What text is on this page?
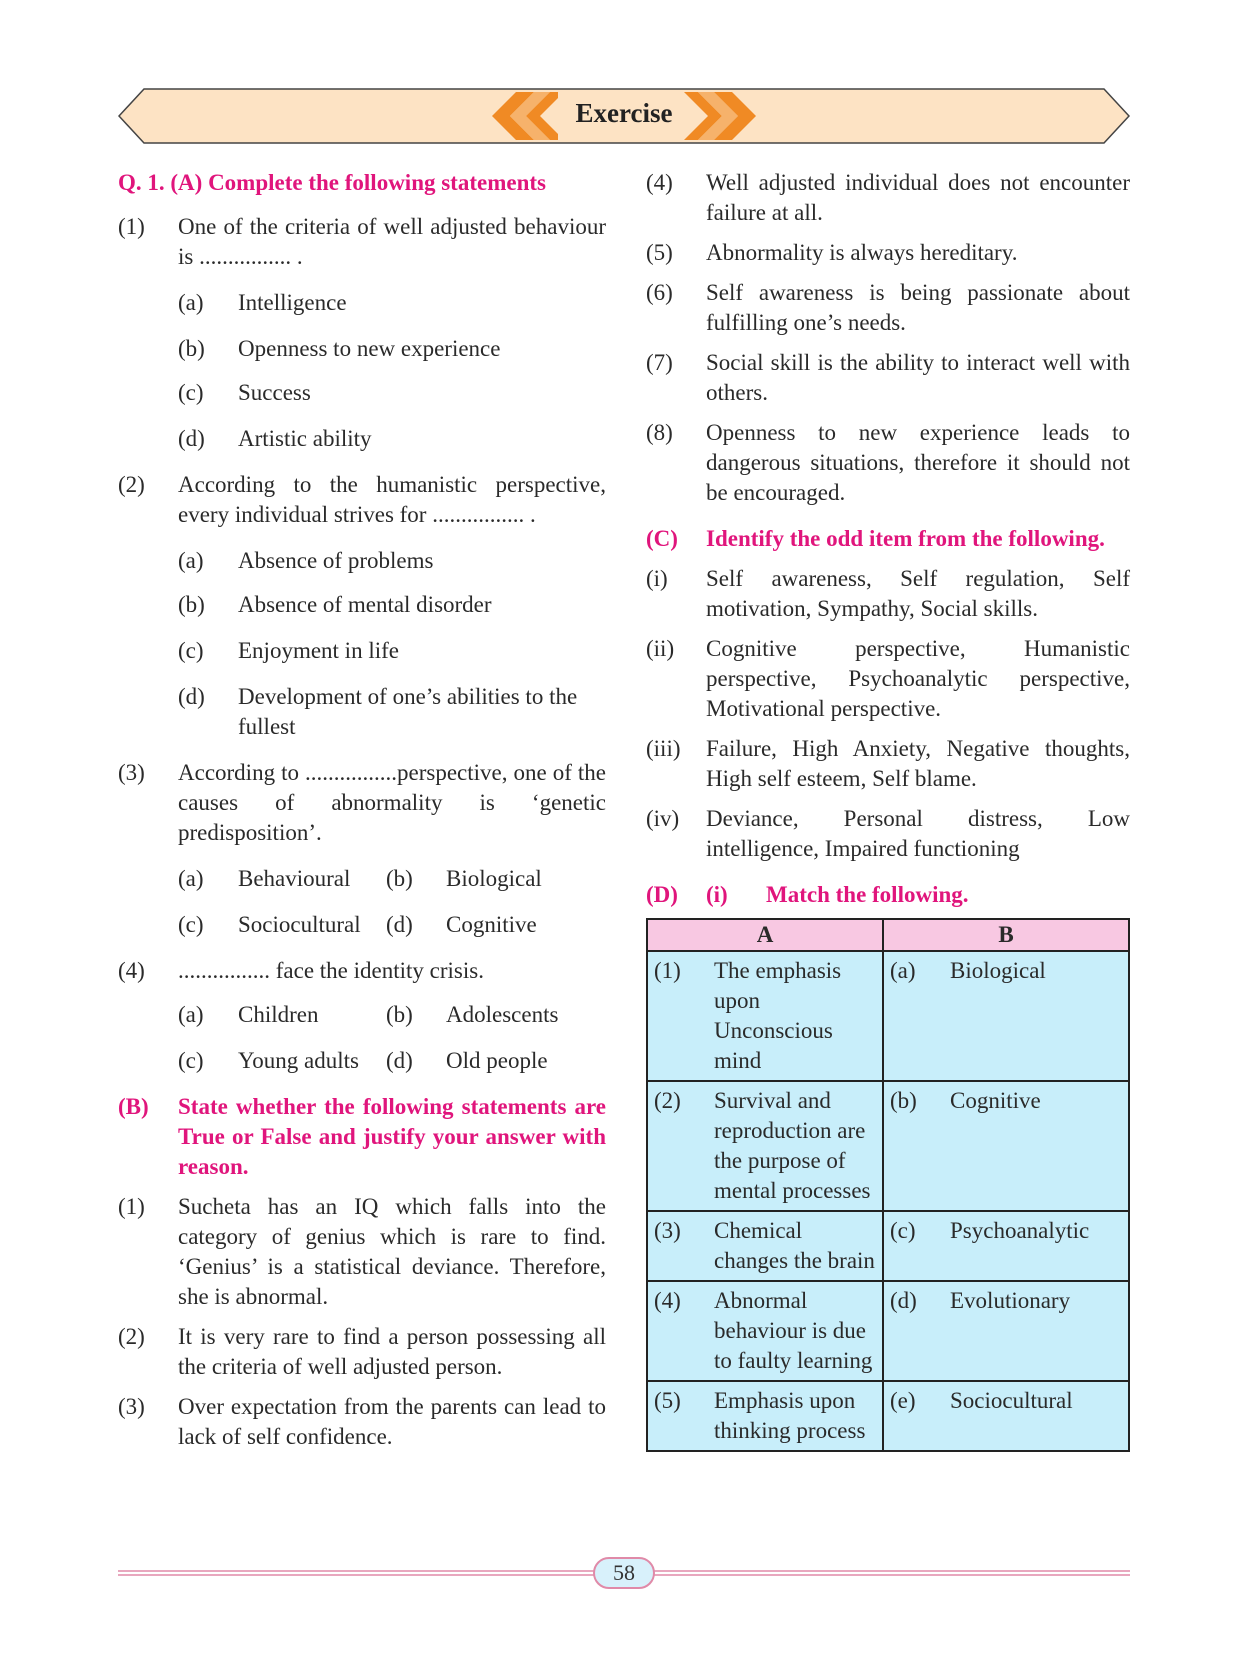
Exercise
Q. 1.
(A) Complete the following statements
(1)	One of the criteria of well adjusted behaviour is ................ .
(a)	Intelligence
(b)	Openness to new experience
(c)	Success
(d)	Artistic ability
(2)	According to the humanistic perspective, every individual strives for ................ .
(a)	Absence of problems
(b)	Absence of mental disorder
(c)	Enjoyment in life
(d)	Development of one’s abilities to the fullest
(3)	According to ................perspective, one of the causes of abnormality is ‘genetic predisposition’.
(a)	Behavioural	(b)	Biological
(c)	Sociocultural	(d)	Cognitive
(4)	................ face the identity crisis.
(a)	Children	(b)	Adolescents
(c)	Young adults	(d)	Old people
(B)	State whether the following statements are True or False and justify your answer with reason.
(1)	Sucheta has an IQ which falls into the category of genius which is rare to find. ‘Genius’ is a statistical deviance. Therefore, she is abnormal.
(2)	It is very rare to find a person possessing all the criteria of well adjusted person.
(3)	Over expectation from the parents can lead to lack of self confidence.
(4)	Well adjusted individual does not encounter failure at all.
(5)	Abnormality is always hereditary.
(6)	Self awareness is being passionate about fulfilling one’s needs.
(7)	Social skill is the ability to interact well with others.
(8)	Openness to new experience leads to dangerous situations, therefore it should not be encouraged.
(C)	Identify the odd item from the following.
(i)	Self awareness, Self regulation, Self motivation, Sympathy, Social skills.
(ii)	Cognitive perspective, Humanistic perspective, Psychoanalytic perspective, Motivational perspective.
(iii)	Failure, High Anxiety, Negative thoughts, High self esteem, Self blame.
(iv)	Deviance, Personal distress, Low intelligence, Impaired functioning
(D)	(i)	Match the following.
A	B

(1) The emphasis upon Unconscious mind	(a) Biological

(2) Survival and reproduction are the purpose of mental processes	(b) Cognitive

(3) Chemical changes the brain	(c) Psychoanalytic

(4) Abnormal behaviour is due to faulty learning	(d) Evolutionary

(5) Emphasis upon thinking process	(e) Sociocultural
58
